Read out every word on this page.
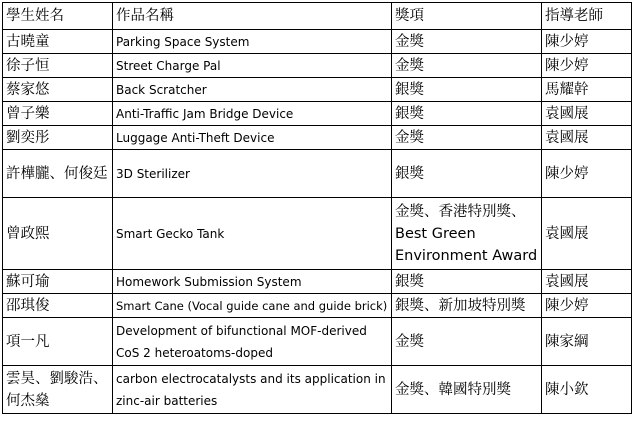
學生姓名	作品名稱	獎項	指導老師
古曉童	Parking Space System	金獎	陳少婷
徐子恒	Street Charge Pal	金獎	陳少婷
蔡家悠	Back Scratcher	銀獎	馬耀幹
曾子樂	Anti-Traffic Jam Bridge Device	銀獎	袁國展
劉奕彤	Luggage Anti-Theft Device	金獎	袁國展
許樺朧、何俊廷	3D Sterilizer	銀獎	陳少婷
曾政熙	Smart Gecko Tank	金獎、香港特別獎、Best Green Environment Award	袁國展
蘇可瑜	Homework Submission System	銀獎	袁國展
邵琪俊	Smart Cane (Vocal guide cane and guide brick)	銀獎、新加坡特別獎	陳少婷
項一凡	Development of bifunctional MOF-derived CoS 2 heteroatoms-doped	金獎	陳家綱
雲昊、劉駿浩、何杰燊	carbon electrocatalysts and its application in zinc-air batteries	金獎、韓國特別獎	陳小欽
